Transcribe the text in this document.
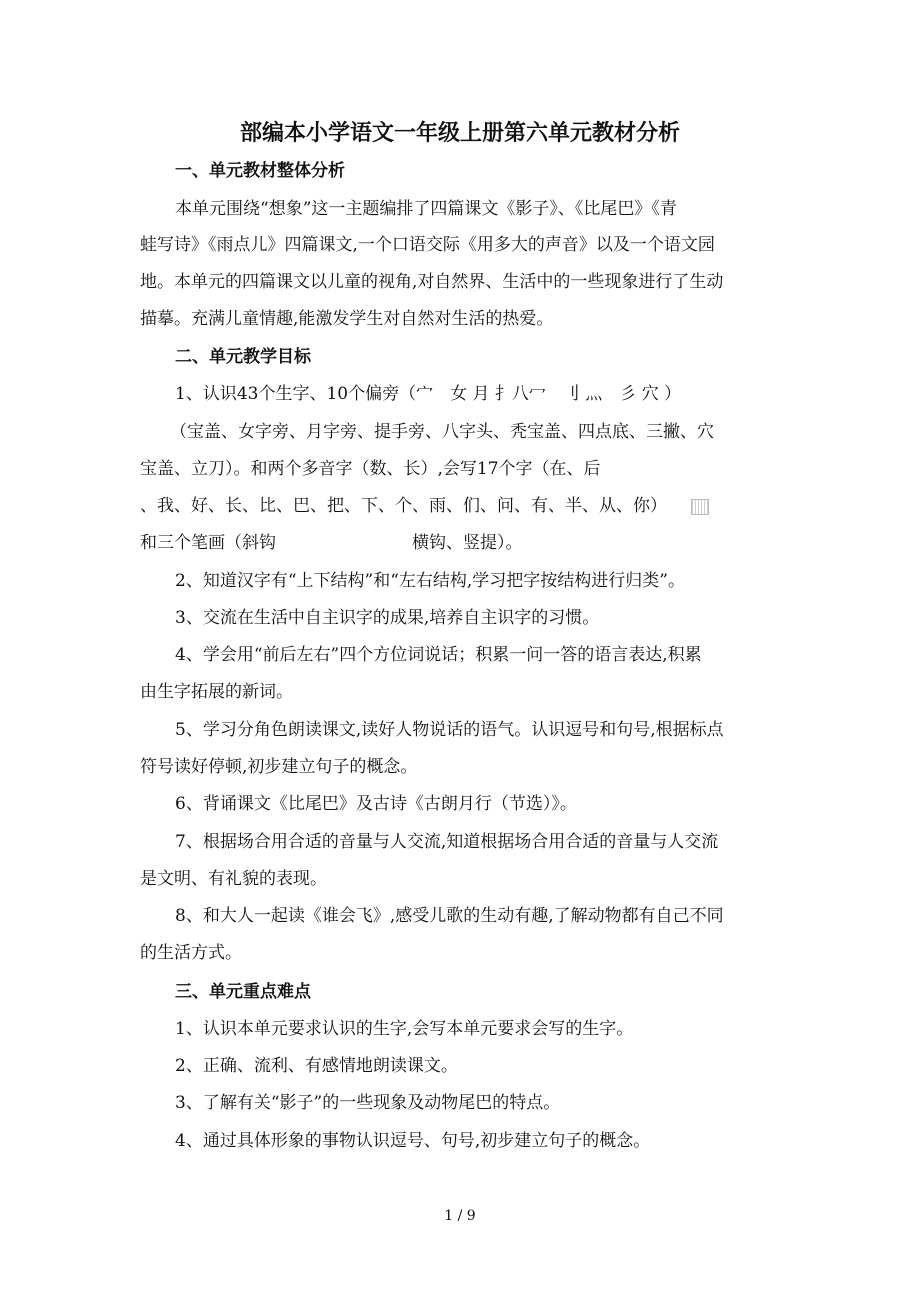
部编本小学语文一年级上册第六单元教材分析
一、单元教材整体分析
本单元围绕“想象”这一主题编排了四篇课文《影子》、《比尾巴》《青
蛙写诗》《雨点儿》四篇课文,一个口语交际《用多大的声音》以及一个语文园
地。本单元的四篇课文以儿童的视角,对自然界、生活中的一些现象进行了生动
描摹。充满儿童情趣,能激发学生对自然对生活的热爱。
二、单元教学目标
1、认识43个生字、10个偏旁（宀　女 月 扌八冖　刂 灬　彡 穴 ）
（宝盖、女字旁、月字旁、提手旁、八字头、秃宝盖、四点底、三撇、穴
宝盖、立刀）。和两个多音字（数、长）,会写17个字（在、后
、我、好、长、比、巴、把、下、个、雨、们、问、有、半、从、你）
和三个笔画（斜钩　　　　　　　　横钩、竖提）。
2、知道汉字有“上下结构”和“左右结构,学习把字按结构进行归类”。
3、交流在生活中自主识字的成果,培养自主识字的习惯。
4、学会用“前后左右”四个方位词说话；积累一问一答的语言表达,积累
由生字拓展的新词。
5、学习分角色朗读课文,读好人物说话的语气。认识逗号和句号,根据标点
符号读好停顿,初步建立句子的概念。
6、背诵课文《比尾巴》及古诗《古朗月行（节选）》。
7、根据场合用合适的音量与人交流,知道根据场合用合适的音量与人交流
是文明、有礼貌的表现。
8、和大人一起读《谁会飞》,感受儿歌的生动有趣,了解动物都有自己不同
的生活方式。
三、单元重点难点
1、认识本单元要求认识的生字,会写本单元要求会写的生字。
2、正确、流利、有感情地朗读课文。
3、了解有关“影子”的一些现象及动物尾巴的特点。
4、通过具体形象的事物认识逗号、句号,初步建立句子的概念。
1 / 9
